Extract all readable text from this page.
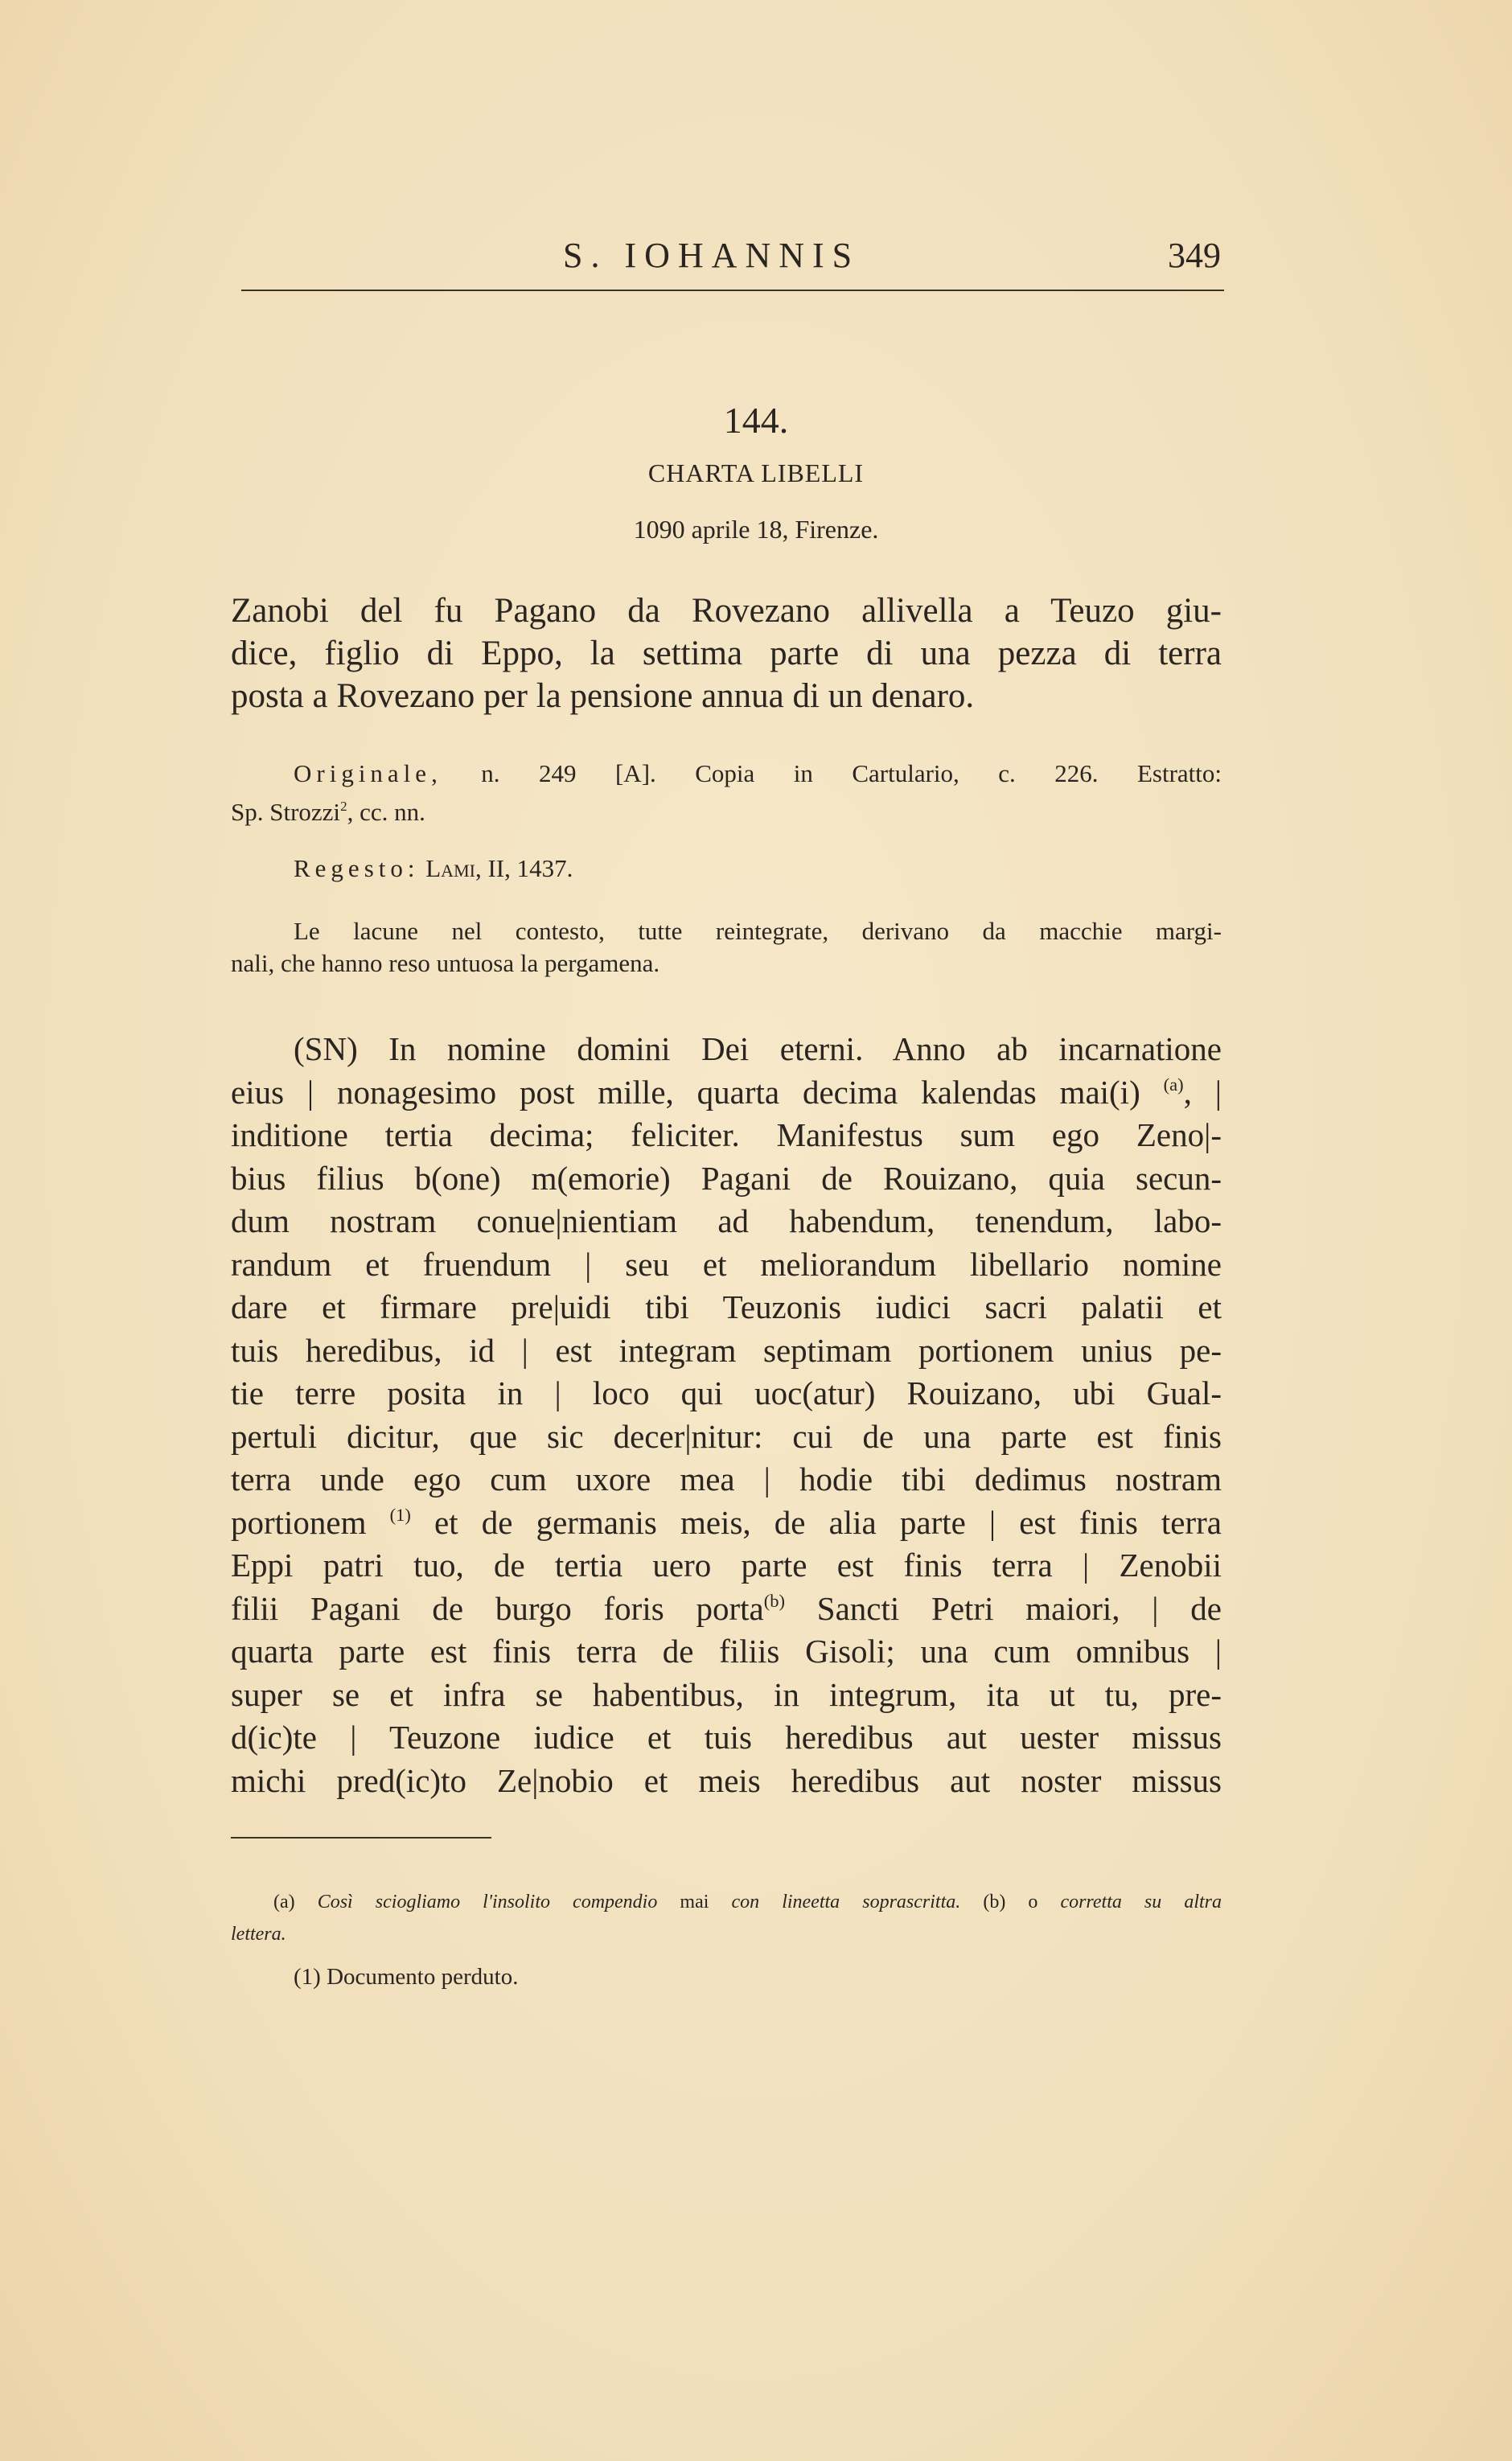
S. IOHANNIS	349
144.
CHARTA LIBELLI
1090 aprile 18, Firenze.
Zanobi del fu Pagano da Rovezano allivella a Teuzo giu-
dice, figlio di Eppo, la settima parte di una pezza di terra
posta a Rovezano per la pensione annua di un denaro.
Originale, n. 249 [A]. Copia in Cartulario, c. 226. Estratto:
Sp. Strozzi$^2$, cc. nn.
Regesto: Lami, II, 1437.
Le lacune nel contesto, tutte reintegrate, derivano da macchie margi-
nali, che hanno reso untuosa la pergamena.
(SN) In nomine domini Dei eterni. Anno ab incarnatione
eius | nonagesimo post mille, quarta decima kalendas mai(i) $^{(a)}$, |
inditione tertia decima; feliciter. Manifestus sum ego Zeno|-
bius filius b(one) m(emorie) Pagani de Rouizano, quia secun-
dum nostram conue|nientiam ad habendum, tenendum, labo-
randum et fruendum | seu et meliorandum libellario nomine
dare et firmare pre|uidi tibi Teuzonis iudici sacri palatii et
tuis heredibus, id | est integram septimam portionem unius pe-
tie terre posita in | loco qui uoc(atur) Rouizano, ubi Gual-
pertuli dicitur, que sic decer|nitur: cui de una parte est finis
terra unde ego cum uxore mea | hodie tibi dedimus nostram
portionem $^{(1)}$ et de germanis meis, de alia parte | est finis terra
Eppi patri tuo, de tertia uero parte est finis terra | Zenobii
filii Pagani de burgo foris porta$^{(b)}$ Sancti Petri maiori, | de
quarta parte est finis terra de filiis Gisoli; una cum omnibus |
super se et infra se habentibus, in integrum, ita ut tu, pre-
d(ic)te | Teuzone iudice et tuis heredibus aut uester missus
michi pred(ic)to Ze|nobio et meis heredibus aut noster missus
(a) Così sciogliamo l'insolito compendio mai con lineetta soprascritta. (b) o corretta su altra
lettera.
(1) Documento perduto.
